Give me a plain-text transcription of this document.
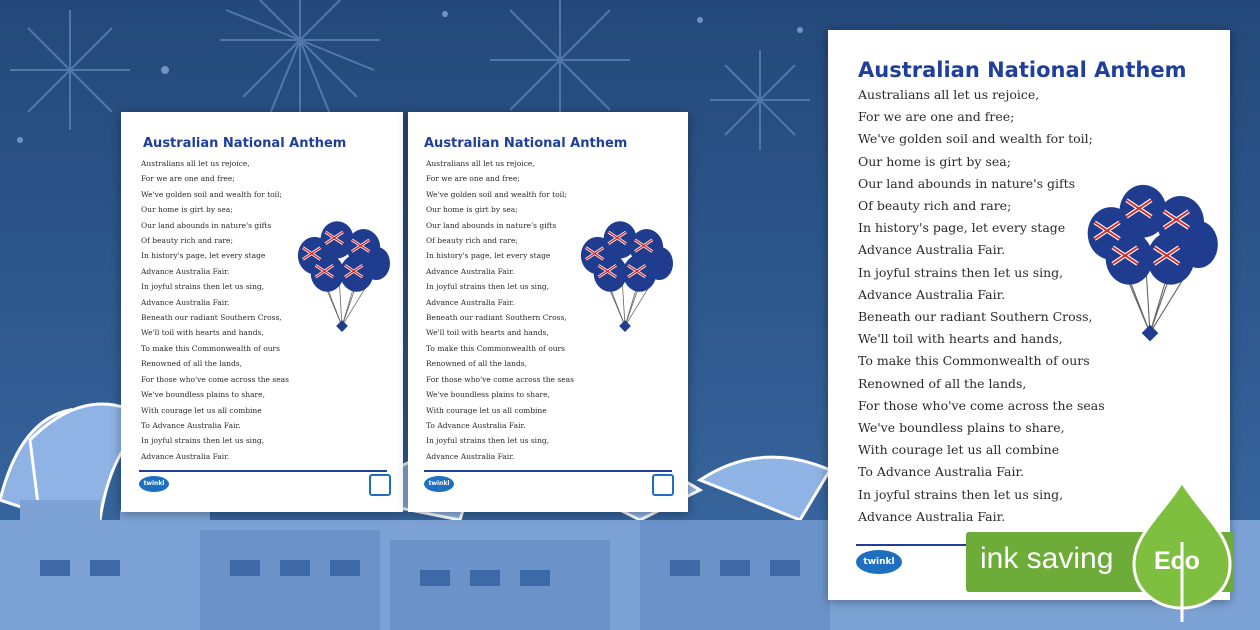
Australian National Anthem
Australians all let us rejoice,
For we are one and free;
We've golden soil and wealth for toil;
Our home is girt by sea;
Our land abounds in nature's gifts
Of beauty rich and rare;
In history's page, let every stage
Advance Australia Fair.
In joyful strains then let us sing,
Advance Australia Fair.
Beneath our radiant Southern Cross,
We'll toil with hearts and hands,
To make this Commonwealth of ours
Renowned of all the lands,
For those who've come across the seas
We've boundless plains to share,
With courage let us all combine
To Advance Australia Fair.
In joyful strains then let us sing,
Advance Australia Fair.
twinkl
Australian National Anthem
Australians all let us rejoice,
For we are one and free;
We've golden soil and wealth for toil;
Our home is girt by sea;
Our land abounds in nature's gifts
Of beauty rich and rare;
In history's page, let every stage
Advance Australia Fair.
In joyful strains then let us sing,
Advance Australia Fair.
Beneath our radiant Southern Cross,
We'll toil with hearts and hands,
To make this Commonwealth of ours
Renowned of all the lands,
For those who've come across the seas
We've boundless plains to share,
With courage let us all combine
To Advance Australia Fair.
In joyful strains then let us sing,
Advance Australia Fair.
twinkl
Australian National Anthem
Australians all let us rejoice,
For we are one and free;
We've golden soil and wealth for toil;
Our home is girt by sea;
Our land abounds in nature's gifts
Of beauty rich and rare;
In history's page, let every stage
Advance Australia Fair.
In joyful strains then let us sing,
Advance Australia Fair.
Beneath our radiant Southern Cross,
We'll toil with hearts and hands,
To make this Commonwealth of ours
Renowned of all the lands,
For those who've come across the seas
We've boundless plains to share,
With courage let us all combine
To Advance Australia Fair.
In joyful strains then let us sing,
Advance Australia Fair.
twinkl	ink saving Eco
